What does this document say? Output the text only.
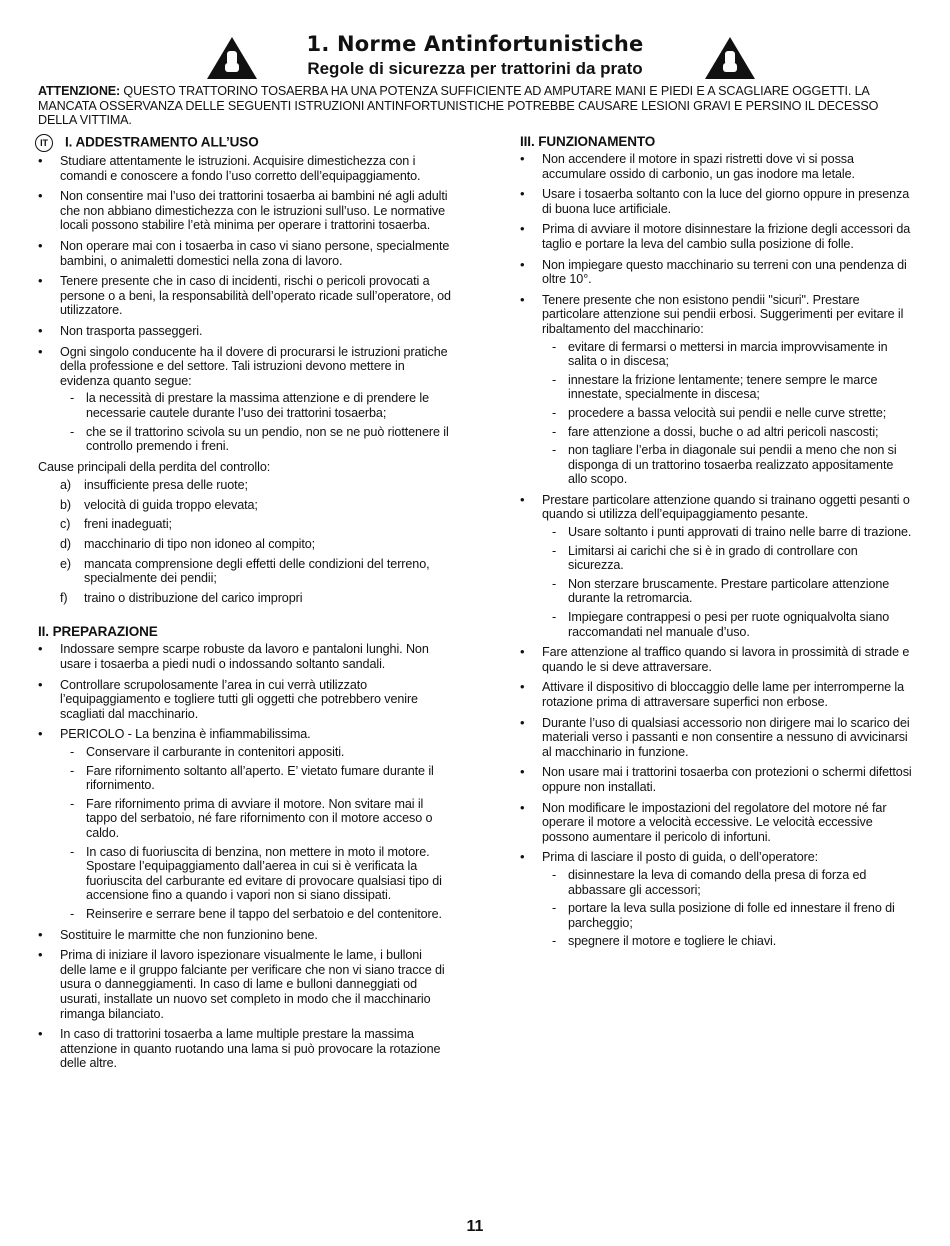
1. Norme Antinfortunistiche
Regole di sicurezza per trattorini da prato
ATTENZIONE: QUESTO TRATTORINO TOSAERBA HA UNA POTENZA SUFFICIENTE AD AMPUTARE MANI E PIEDI E A SCAGLIARE OGGETTI. LA MANCATA OSSERVANZA DELLE SEGUENTI ISTRUZIONI ANTINFORTUNISTICHE POTREBBE CAUSARE LESIONI GRAVI E PERSINO IL DECESSO DELLA VITTIMA.
IT I. ADDESTRAMENTO ALL’USO
• Studiare attentamente le istruzioni. Acquisire dimestichezza con i comandi e conoscere a fondo l’uso corretto dell’equipaggiamento.
• Non consentire mai l’uso dei trattorini tosaerba ai bambini né agli adulti che non abbiano dimestichezza con le istruzioni sull’uso. Le normative locali possono stabilire l’età minima per operare i trattorini tosaerba.
• Non operare mai con i tosaerba in caso vi siano persone, specialmente bambini, o animaletti domestici nella zona di lavoro.
• Tenere presente che in caso di incidenti, rischi o pericoli provocati a persone o a beni, la responsabilità dell’operato ricade sull’operatore, od utilizzatore.
• Non trasporta passeggeri.
• Ogni singolo conducente ha il dovere di procurarsi le istruzioni pratiche della professione e del settore. Tali istruzioni devono mettere in evidenza quanto segue:
- la necessità di prestare la massima attenzione e di prendere le necessarie cautele durante l’uso dei trattorini tosaerba;
- che se il trattorino scivola su un pendio, non se ne può riottenere il controllo premendo i freni.
Cause principali della perdita del controllo:
a) insufficiente presa delle ruote;
b) velocità di guida troppo elevata;
c) freni inadeguati;
d) macchinario di tipo non idoneo al compito;
e) mancata comprensione degli effetti delle condizioni del terreno, specialmente dei pendii;
f) traino o distribuzione del carico impropri
II. PREPARAZIONE
• Indossare sempre scarpe robuste da lavoro e pantaloni lunghi. Non usare i tosaerba a piedi nudi o indossando soltanto sandali.
• Controllare scrupolosamente l’area in cui verrà utilizzato l’equipaggiamento e togliere tutti gli oggetti che potrebbero venire scagliati dal macchinario.
• PERICOLO - La benzina è infiammabilissima.
- Conservare il carburante in contenitori appositi.
- Fare rifornimento soltanto all’aperto. E’ vietato fumare durante il rifornimento.
- Fare rifornimento prima di avviare il motore. Non svitare mai il tappo del serbatoio, né fare rifornimento con il motore acceso o caldo.
- In caso di fuoriuscita di benzina, non mettere in moto il motore. Spostare l’equipaggiamento dall’aerea in cui si è verificata la fuoriuscita del carburante ed evitare di provocare qualsiasi tipo di accensione fino a quando i vapori non si siano dissipati.
- Reinserire e serrare bene il tappo del serbatoio e del contenitore.
• Sostituire le marmitte che non funzionino bene.
• Prima di iniziare il lavoro ispezionare visualmente le lame, i bulloni delle lame e il gruppo falciante per verificare che non vi siano tracce di usura o danneggiamenti. In caso di lame e bulloni danneggiati od usurati, installate un nuovo set completo in modo che il macchinario rimanga bilanciato.
• In caso di trattorini tosaerba a lame multiple prestare la massima attenzione in quanto ruotando una lama si può provocare la rotazione delle altre.
III. FUNZIONAMENTO
• Non accendere il motore in spazi ristretti dove vi si possa accumulare ossido di carbonio, un gas inodore ma letale.
• Usare i tosaerba soltanto con la luce del giorno oppure in presenza di buona luce artificiale.
• Prima di avviare il motore disinnestare la frizione degli accessori da taglio e portare la leva del cambio sulla posizione di folle.
• Non impiegare questo macchinario su terreni con una pendenza di oltre 10°.
• Tenere presente che non esistono pendii "sicuri". Prestare particolare attenzione sui pendii erbosi. Suggerimenti per evitare il ribaltamento del macchinario:
- evitare di fermarsi o mettersi in marcia improvvisamente in salita o in discesa;
- innestare la frizione lentamente; tenere sempre le marce innestate, specialmente in discesa;
- procedere a bassa velocità sui pendii e nelle curve strette;
- fare attenzione a dossi, buche o ad altri pericoli nascosti;
- non tagliare l’erba in diagonale sui pendii a meno che non si disponga di un trattorino tosaerba realizzato appositamente allo scopo.
• Prestare particolare attenzione quando si trainano oggetti pesanti o quando si utilizza dell’equipaggiamento pesante.
- Usare soltanto i punti approvati di traino nelle barre di trazione.
- Limitarsi ai carichi che si è in grado di controllare con sicurezza.
- Non sterzare bruscamente. Prestare particolare attenzione durante la retromarcia.
- Impiegare contrappesi o pesi per ruote ogniqualvolta siano raccomandati nel manuale d’uso.
• Fare attenzione al traffico quando si lavora in prossimità di strade e quando le si deve attraversare.
• Attivare il dispositivo di bloccaggio delle lame per interromperne la rotazione prima di attraversare superfici non erbose.
• Durante l’uso di qualsiasi accessorio non dirigere mai lo scarico dei materiali verso i passanti e non consentire a nessuno di avvicinarsi al macchinario in funzione.
• Non usare mai i trattorini tosaerba con protezioni o schermi difettosi oppure non installati.
• Non modificare le impostazioni del regolatore del motore né far operare il motore a velocità eccessive. Le velocità eccessive possono aumentare il pericolo di infortuni.
• Prima di lasciare il posto di guida, o dell’operatore:
- disinnestare la leva di comando della presa di forza ed abbassare gli accessori;
- portare la leva sulla posizione di folle ed innestare il freno di parcheggio;
- spegnere il motore e togliere le chiavi.
11
